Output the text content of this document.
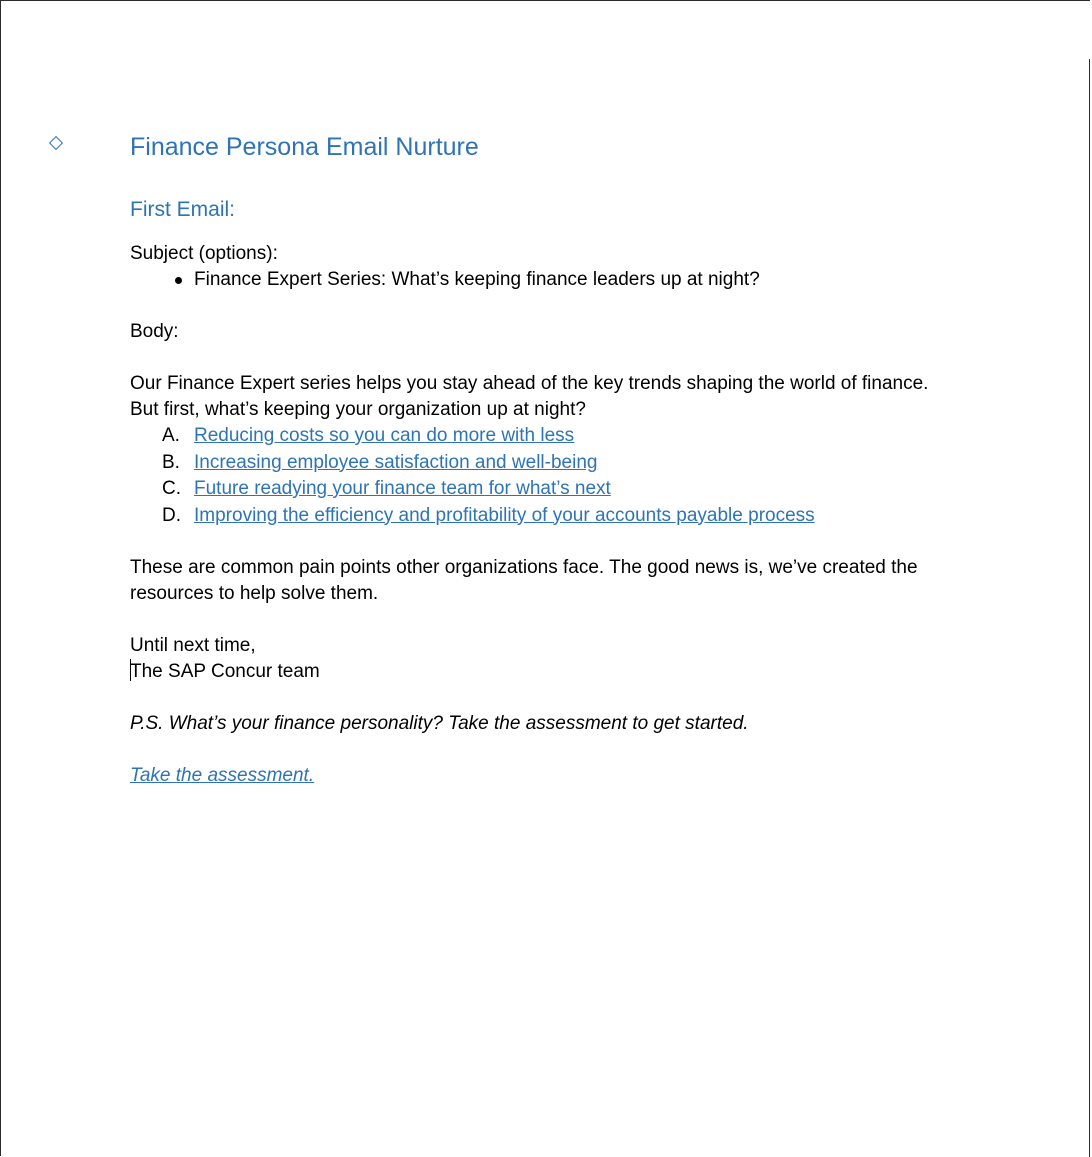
Finance Persona Email Nurture
First Email:

Subject (options):

Finance Expert Series: What’s keeping finance leaders up at night?

Body:

Our Finance Expert series helps you stay ahead of the key trends shaping the world of finance.

But first, what’s keeping your organization up at night?

A. Reducing costs so you can do more with less
B. Increasing employee satisfaction and well-being
C. Future readying your finance team for what’s next
D. Improving the efficiency and profitability of your accounts payable process

These are common pain points other organizations face. The good news is, we’ve created the

resources to help solve them.

Until next time,

The SAP Concur team

P.S. What’s your finance personality? Take the assessment to get started.

Take the assessment.
